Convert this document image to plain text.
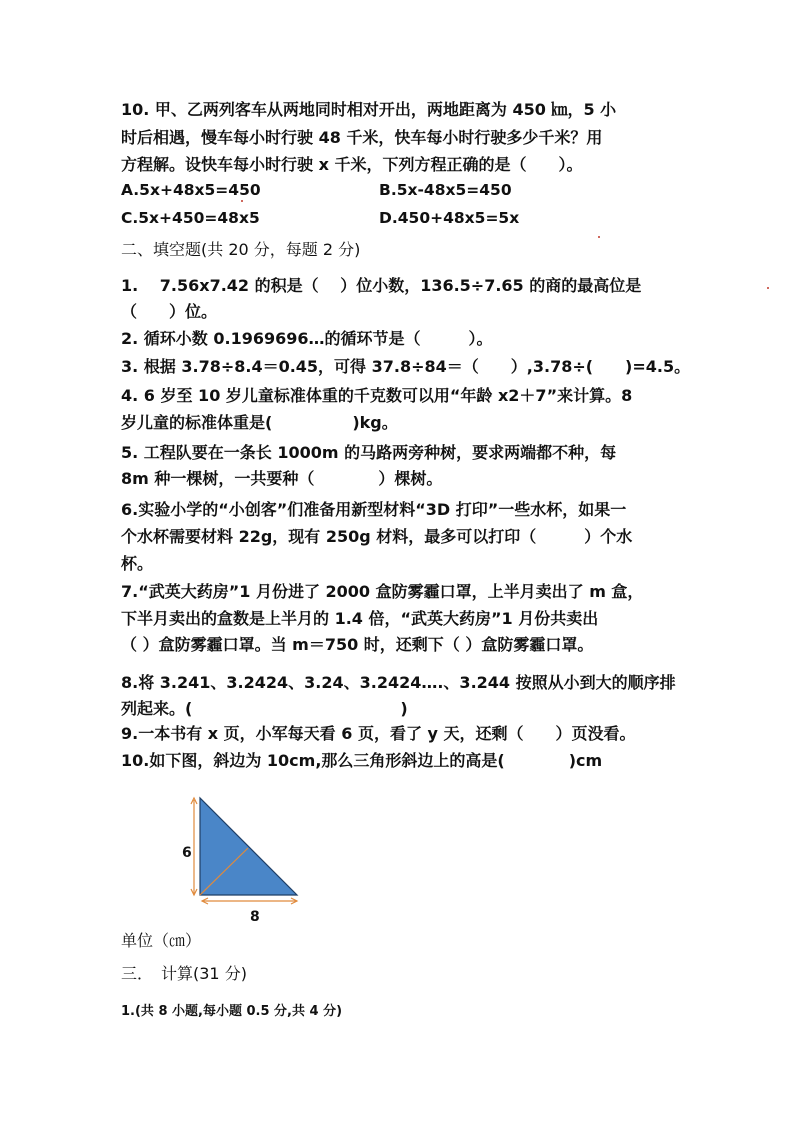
10. 甲、乙两列客车从两地同时相对开出，两地距离为 450 ㎞，5 小
时后相遇，慢车每小时行驶 48 千米，快车每小时行驶多少千米？用
方程解。设快车每小时行驶 x 千米，下列方程正确的是（　　）。
A.5x+48x5=450	B.5x-48x5=450
C.5x+450=48x5	D.450+48x5=5x
二、填空题(共 20 分，每题 2 分)
1.　 7.56x7.42 的积是（　 ）位小数，136.5÷7.65 的商的最高位是
（　　）位。
2. 循环小数 0.1969696…的循环节是（　　　）。
3. 根据 3.78÷8.4＝0.45，可得 37.8÷84＝（　　）,3.78÷(　　)=4.5。
4. 6 岁至 10 岁儿童标准体重的千克数可以用“年龄 x2＋7”来计算。8
岁儿童的标准体重是(　　　　　)kg。
5. 工程队要在一条长 1000m 的马路两旁种树，要求两端都不种，每
8m 种一棵树，一共要种（　　　　）棵树。
6.实验小学的“小创客”们准备用新型材料“3D 打印”一些水杯，如果一
个水杯需要材料 22g，现有 250g 材料，最多可以打印（　　　）个水
杯。
7.“武英大药房”1 月份进了 2000 盒防雾霾口罩，上半月卖出了 m 盒，
下半月卖出的盒数是上半月的 1.4 倍，“武英大药房”1 月份共卖出
（ ）盒防雾霾口罩。当 m＝750 时，还剩下（ ）盒防雾霾口罩。
8.将 3.241、3.2424、3.24、3.2424….、3.244 按照从小到大的顺序排
列起来。(　　　　　　　　　　　　　)
9.一本书有 x 页，小军每天看 6 页，看了 y 天，还剩（　　）页没看。
10.如下图，斜边为 10cm,那么三角形斜边上的高是(　　　　)cm
6
8
单位（㎝）
三．　计算(31 分)
1.(共 8 小题,每小题 0.5 分,共 4 分)
